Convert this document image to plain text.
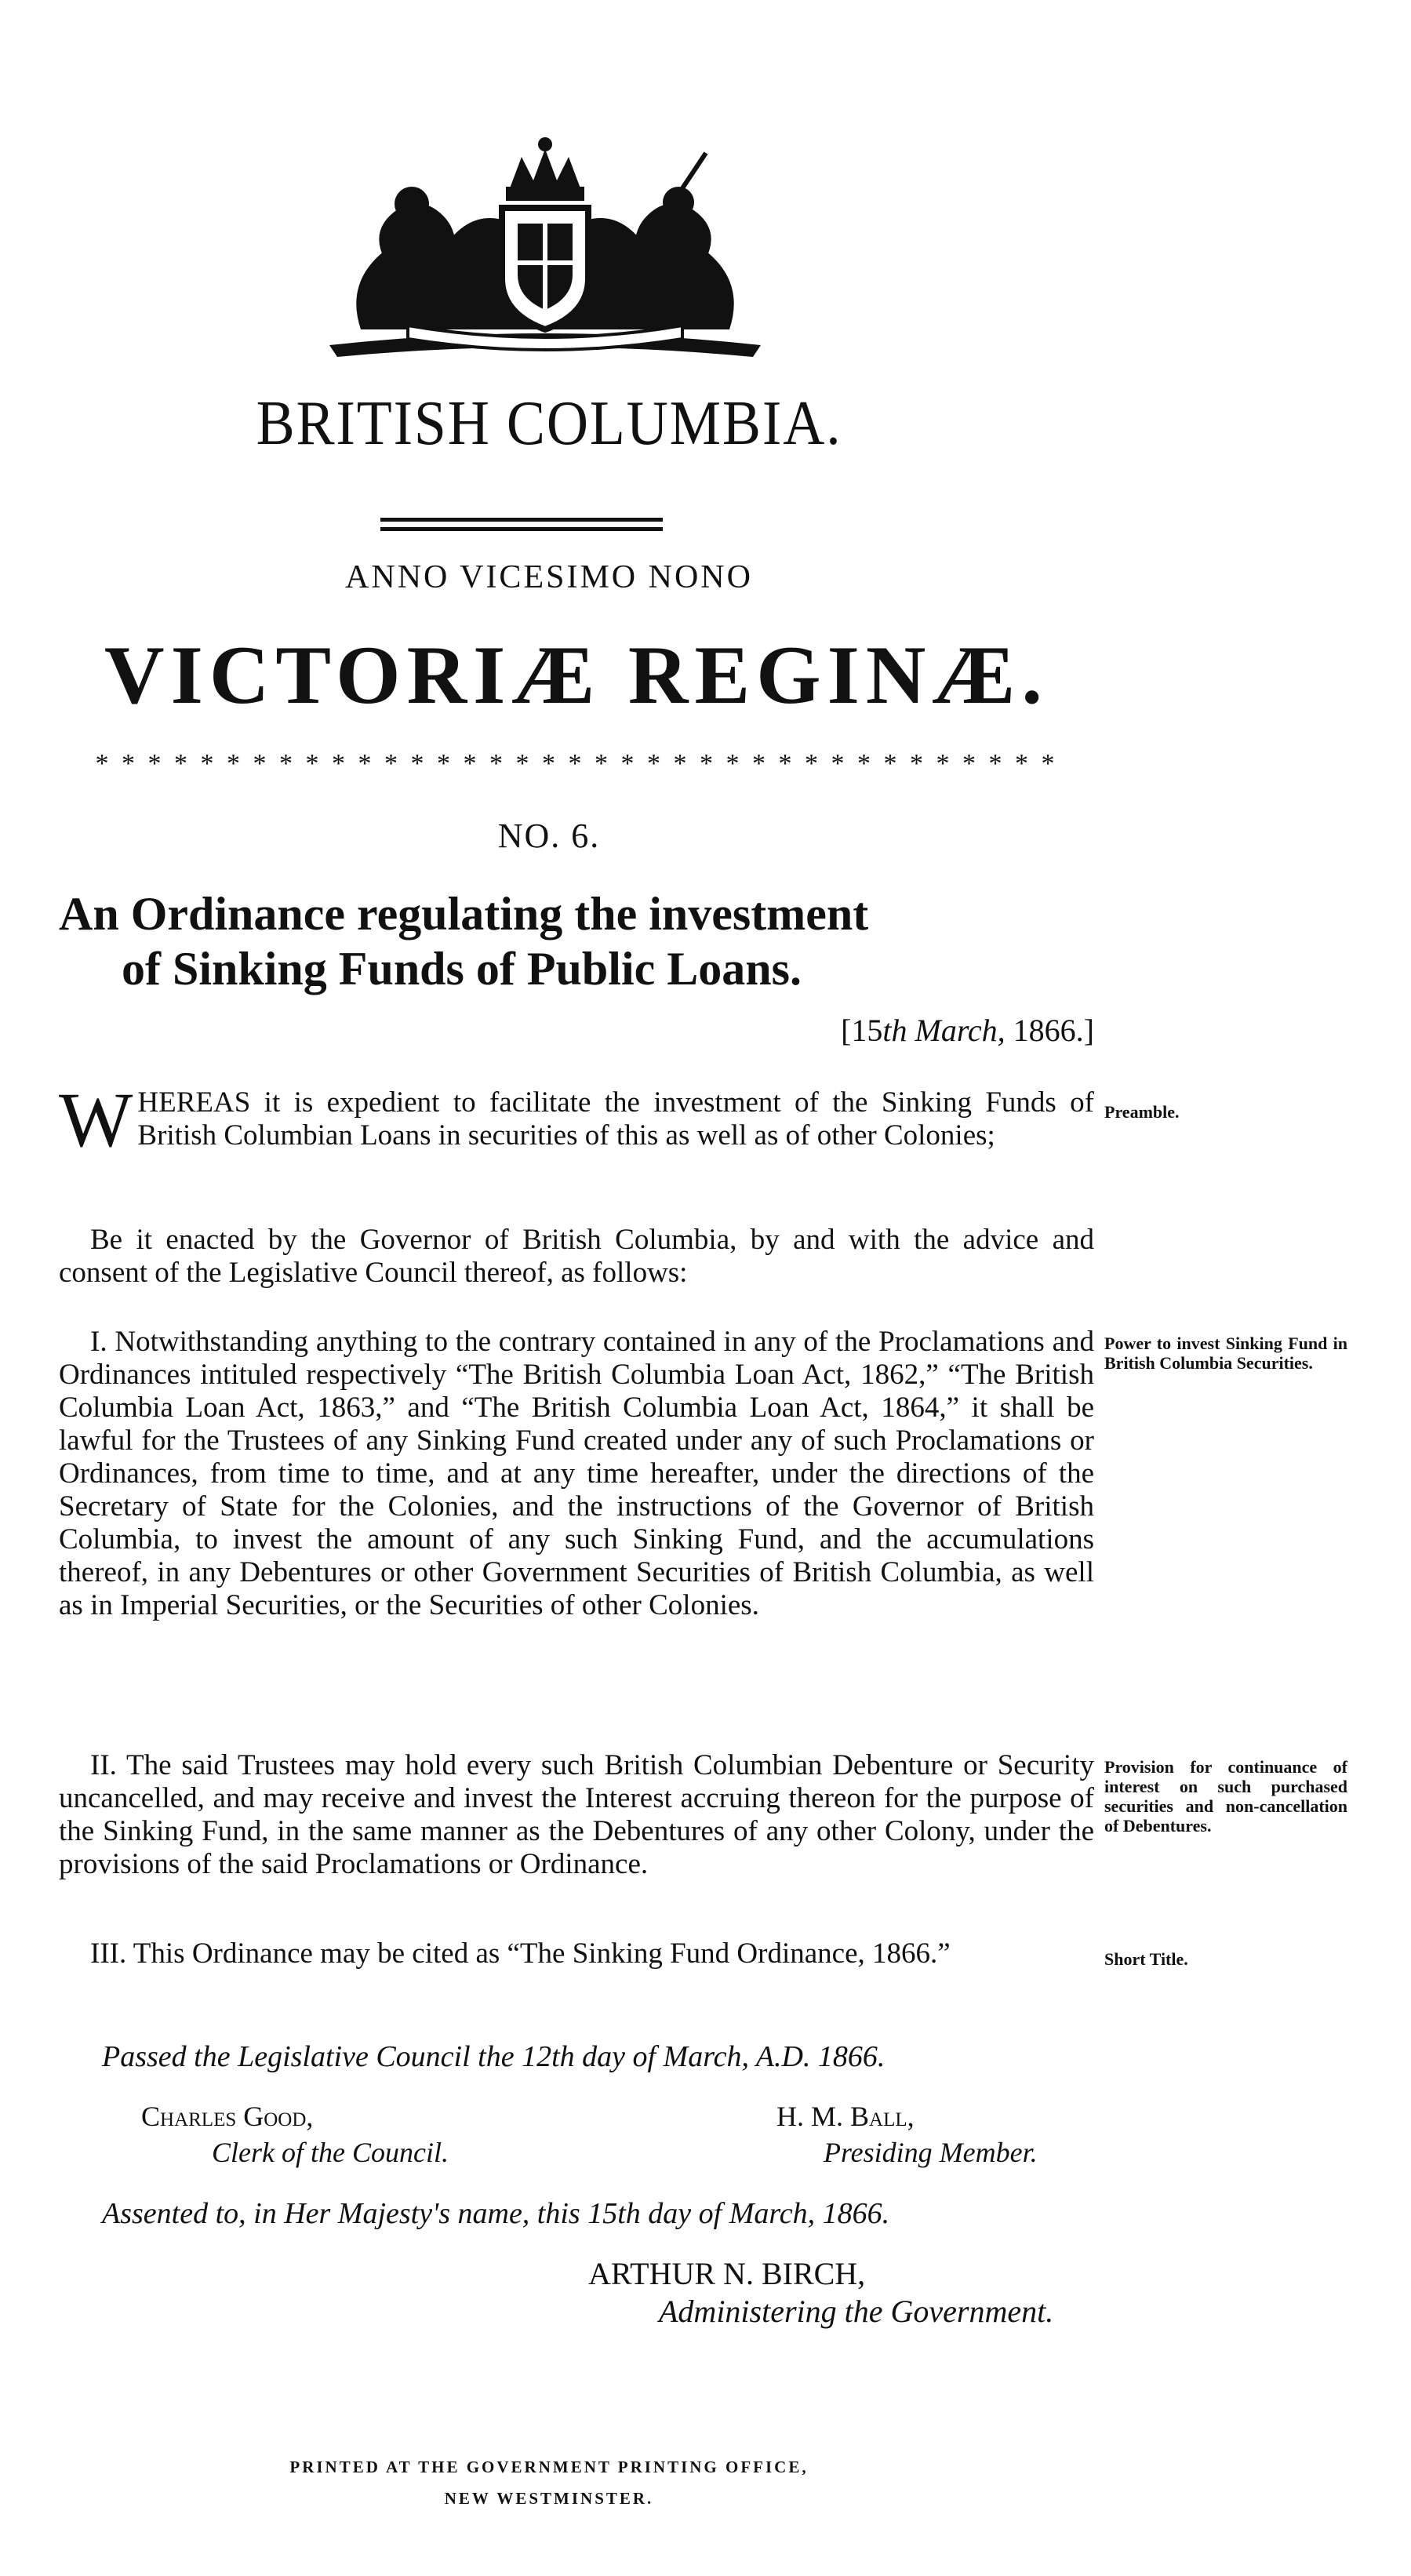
BRITISH COLUMBIA.
ANNO VICESIMO NONO
VICTORIÆ REGINÆ.
* * * * * * * * * * * * * * * * * * * * * * * * * * * * * * * * * * * * *
NO. 6.
An Ordinance regulating the investment
of Sinking Funds of Public Loans.
[15th March, 1866.]
WHEREAS it is expedient to facilitate the investment of the Sinking Funds of British Columbian Loans in securities of this as well as of other Colonies;
Preamble.
Be it enacted by the Governor of British Columbia, by and with the advice and consent of the Legislative Council thereof, as follows:
I. Notwithstanding anything to the contrary contained in any of the Proclamations and Ordinances intituled respectively “The British Columbia Loan Act, 1862,” “The British Columbia Loan Act, 1863,” and “The British Columbia Loan Act, 1864,” it shall be lawful for the Trustees of any Sinking Fund created under any of such Proclamations or Ordinances, from time to time, and at any time hereafter, under the directions of the Secretary of State for the Colonies, and the instructions of the Governor of British Columbia, to invest the amount of any such Sinking Fund, and the accumulations thereof, in any Debentures or other Government Securities of British Columbia, as well as in Imperial Securities, or the Securities of other Colonies.
Power to invest Sinking Fund in British Columbia Securities.
II. The said Trustees may hold every such British Columbian Debenture or Security uncancelled, and may receive and invest the Interest accruing thereon for the purpose of the Sinking Fund, in the same manner as the Debentures of any other Colony, under the provisions of the said Proclamations or Ordinance.
Provision for continuance of interest on such purchased securities and non-cancellation of Debentures.
III. This Ordinance may be cited as “The Sinking Fund Ordinance, 1866.”	Short Title.
Passed the Legislative Council the 12th day of March, A.D. 1866.
Charles Good,
Clerk of the Council.
H. M. Ball,
Presiding Member.
Assented to, in Her Majesty's name, this 15th day of March, 1866.
ARTHUR N. BIRCH,
Administering the Government.
PRINTED AT THE GOVERNMENT PRINTING OFFICE,
NEW WESTMINSTER.
